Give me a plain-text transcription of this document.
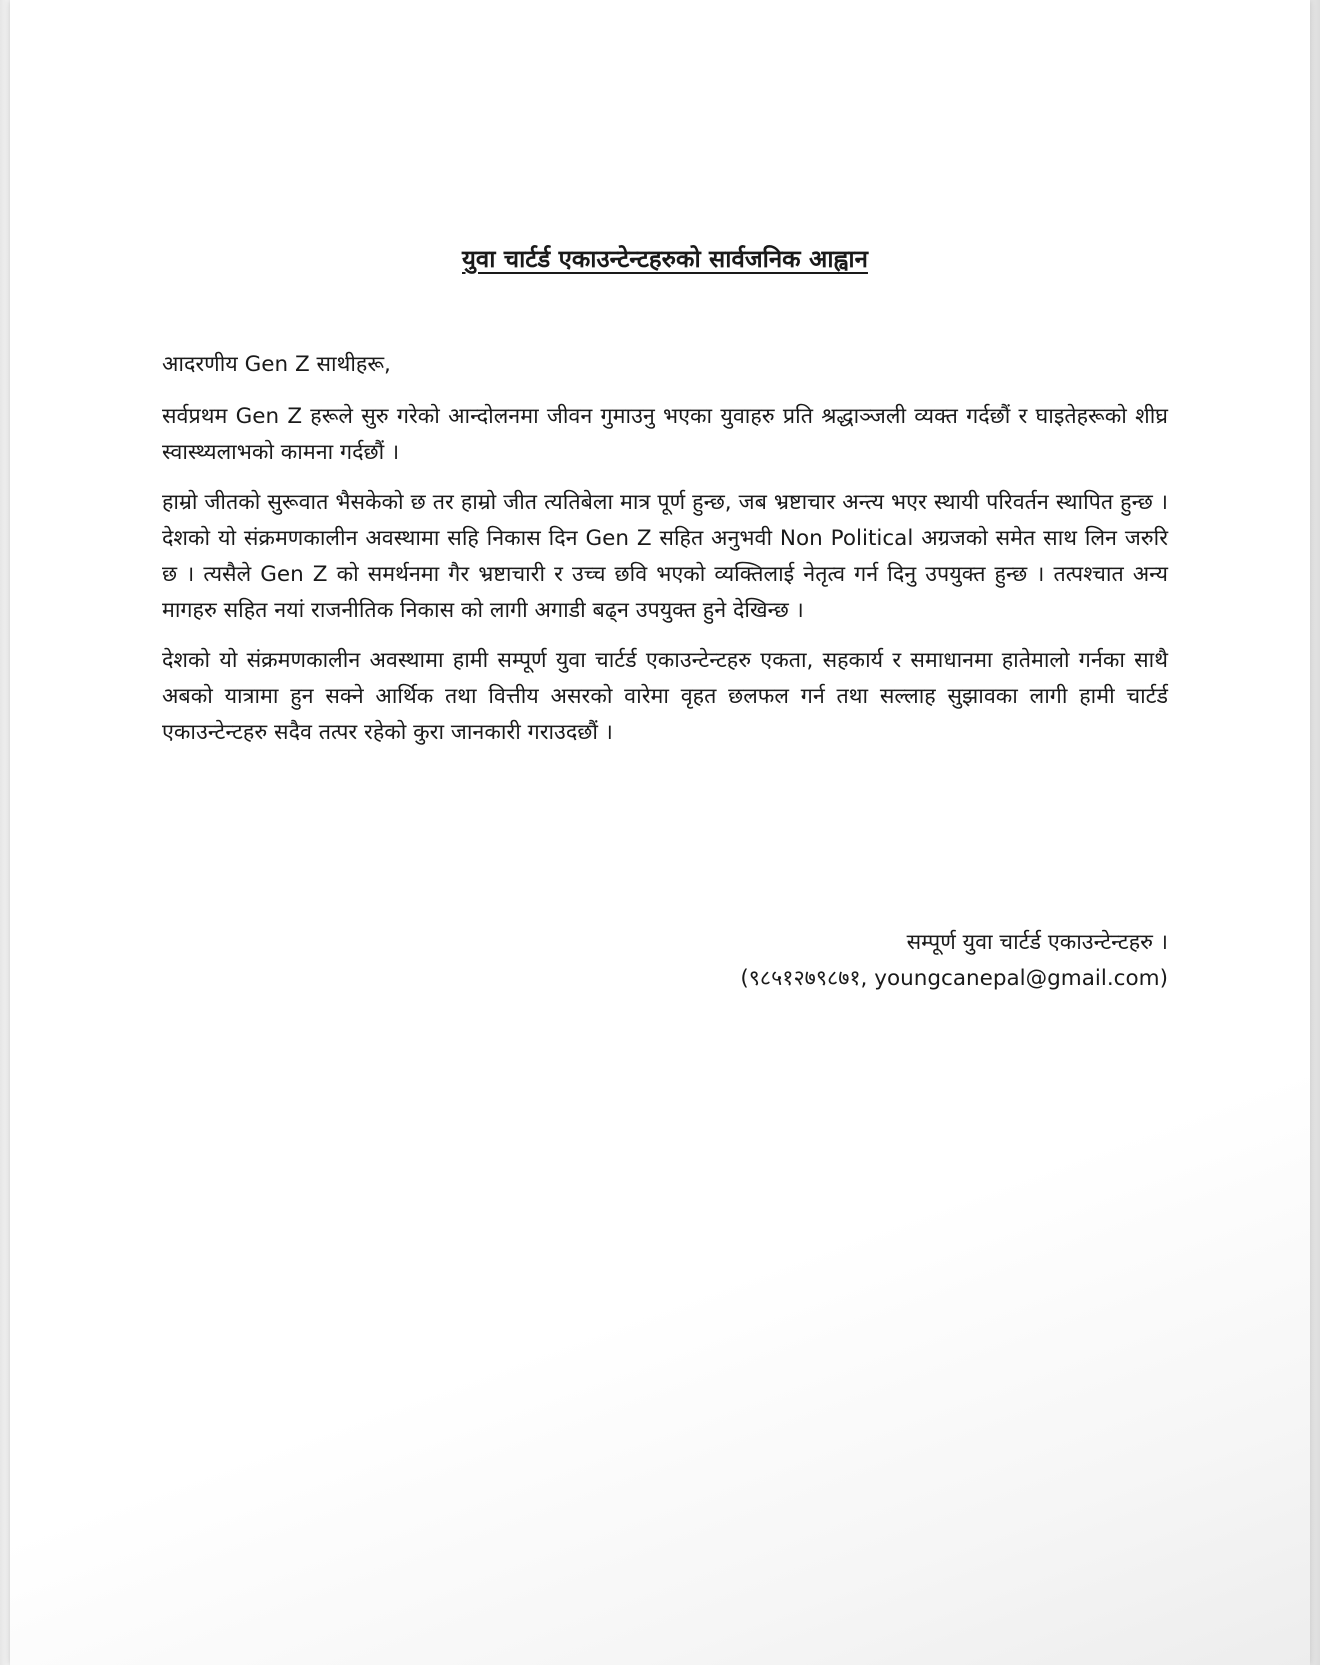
युवा चार्टर्ड एकाउन्टेन्टहरुको सार्वजनिक आह्वान

आदरणीय Gen Z साथीहरू,

सर्वप्रथम Gen Z हरूले सुरु गरेको आन्दोलनमा जीवन गुमाउनु भएका युवाहरु प्रति श्रद्धाञ्जली व्यक्त गर्दछौं र घाइतेहरूको शीघ्र स्वास्थ्यलाभको कामना गर्दछौं ।

हाम्रो जीतको सुरूवात भैसकेको छ तर हाम्रो जीत त्यतिबेला मात्र पूर्ण हुन्छ, जब भ्रष्टाचार अन्त्य भएर स्थायी परिवर्तन स्थापित हुन्छ । देशको यो संक्रमणकालीन अवस्थामा सहि निकास दिन Gen Z सहित अनुभवी Non Political अग्रजको समेत साथ लिन जरुरि छ । त्यसैले Gen Z को समर्थनमा गैर भ्रष्टाचारी र उच्च छवि भएको व्यक्तिलाई नेतृत्व गर्न दिनु उपयुक्त हुन्छ । तत्पश्चात अन्य मागहरु सहित नयां राजनीतिक निकास को लागी अगाडी बढ्न उपयुक्त हुने देखिन्छ ।

देशको यो संक्रमणकालीन अवस्थामा हामी सम्पूर्ण युवा चार्टर्ड एकाउन्टेन्टहरु एकता, सहकार्य र समाधानमा हातेमालो गर्नका साथै अबको यात्रामा हुन सक्ने आर्थिक तथा वित्तीय असरको वारेमा वृहत छलफल गर्न तथा सल्लाह सुझावका लागी हामी चार्टर्ड एकाउन्टेन्टहरु सदैव तत्पर रहेको कुरा जानकारी गराउदछौं ।

सम्पूर्ण युवा चार्टर्ड एकाउन्टेन्टहरु ।
(९८५१२७९८७१, youngcanepal@gmail.com)
